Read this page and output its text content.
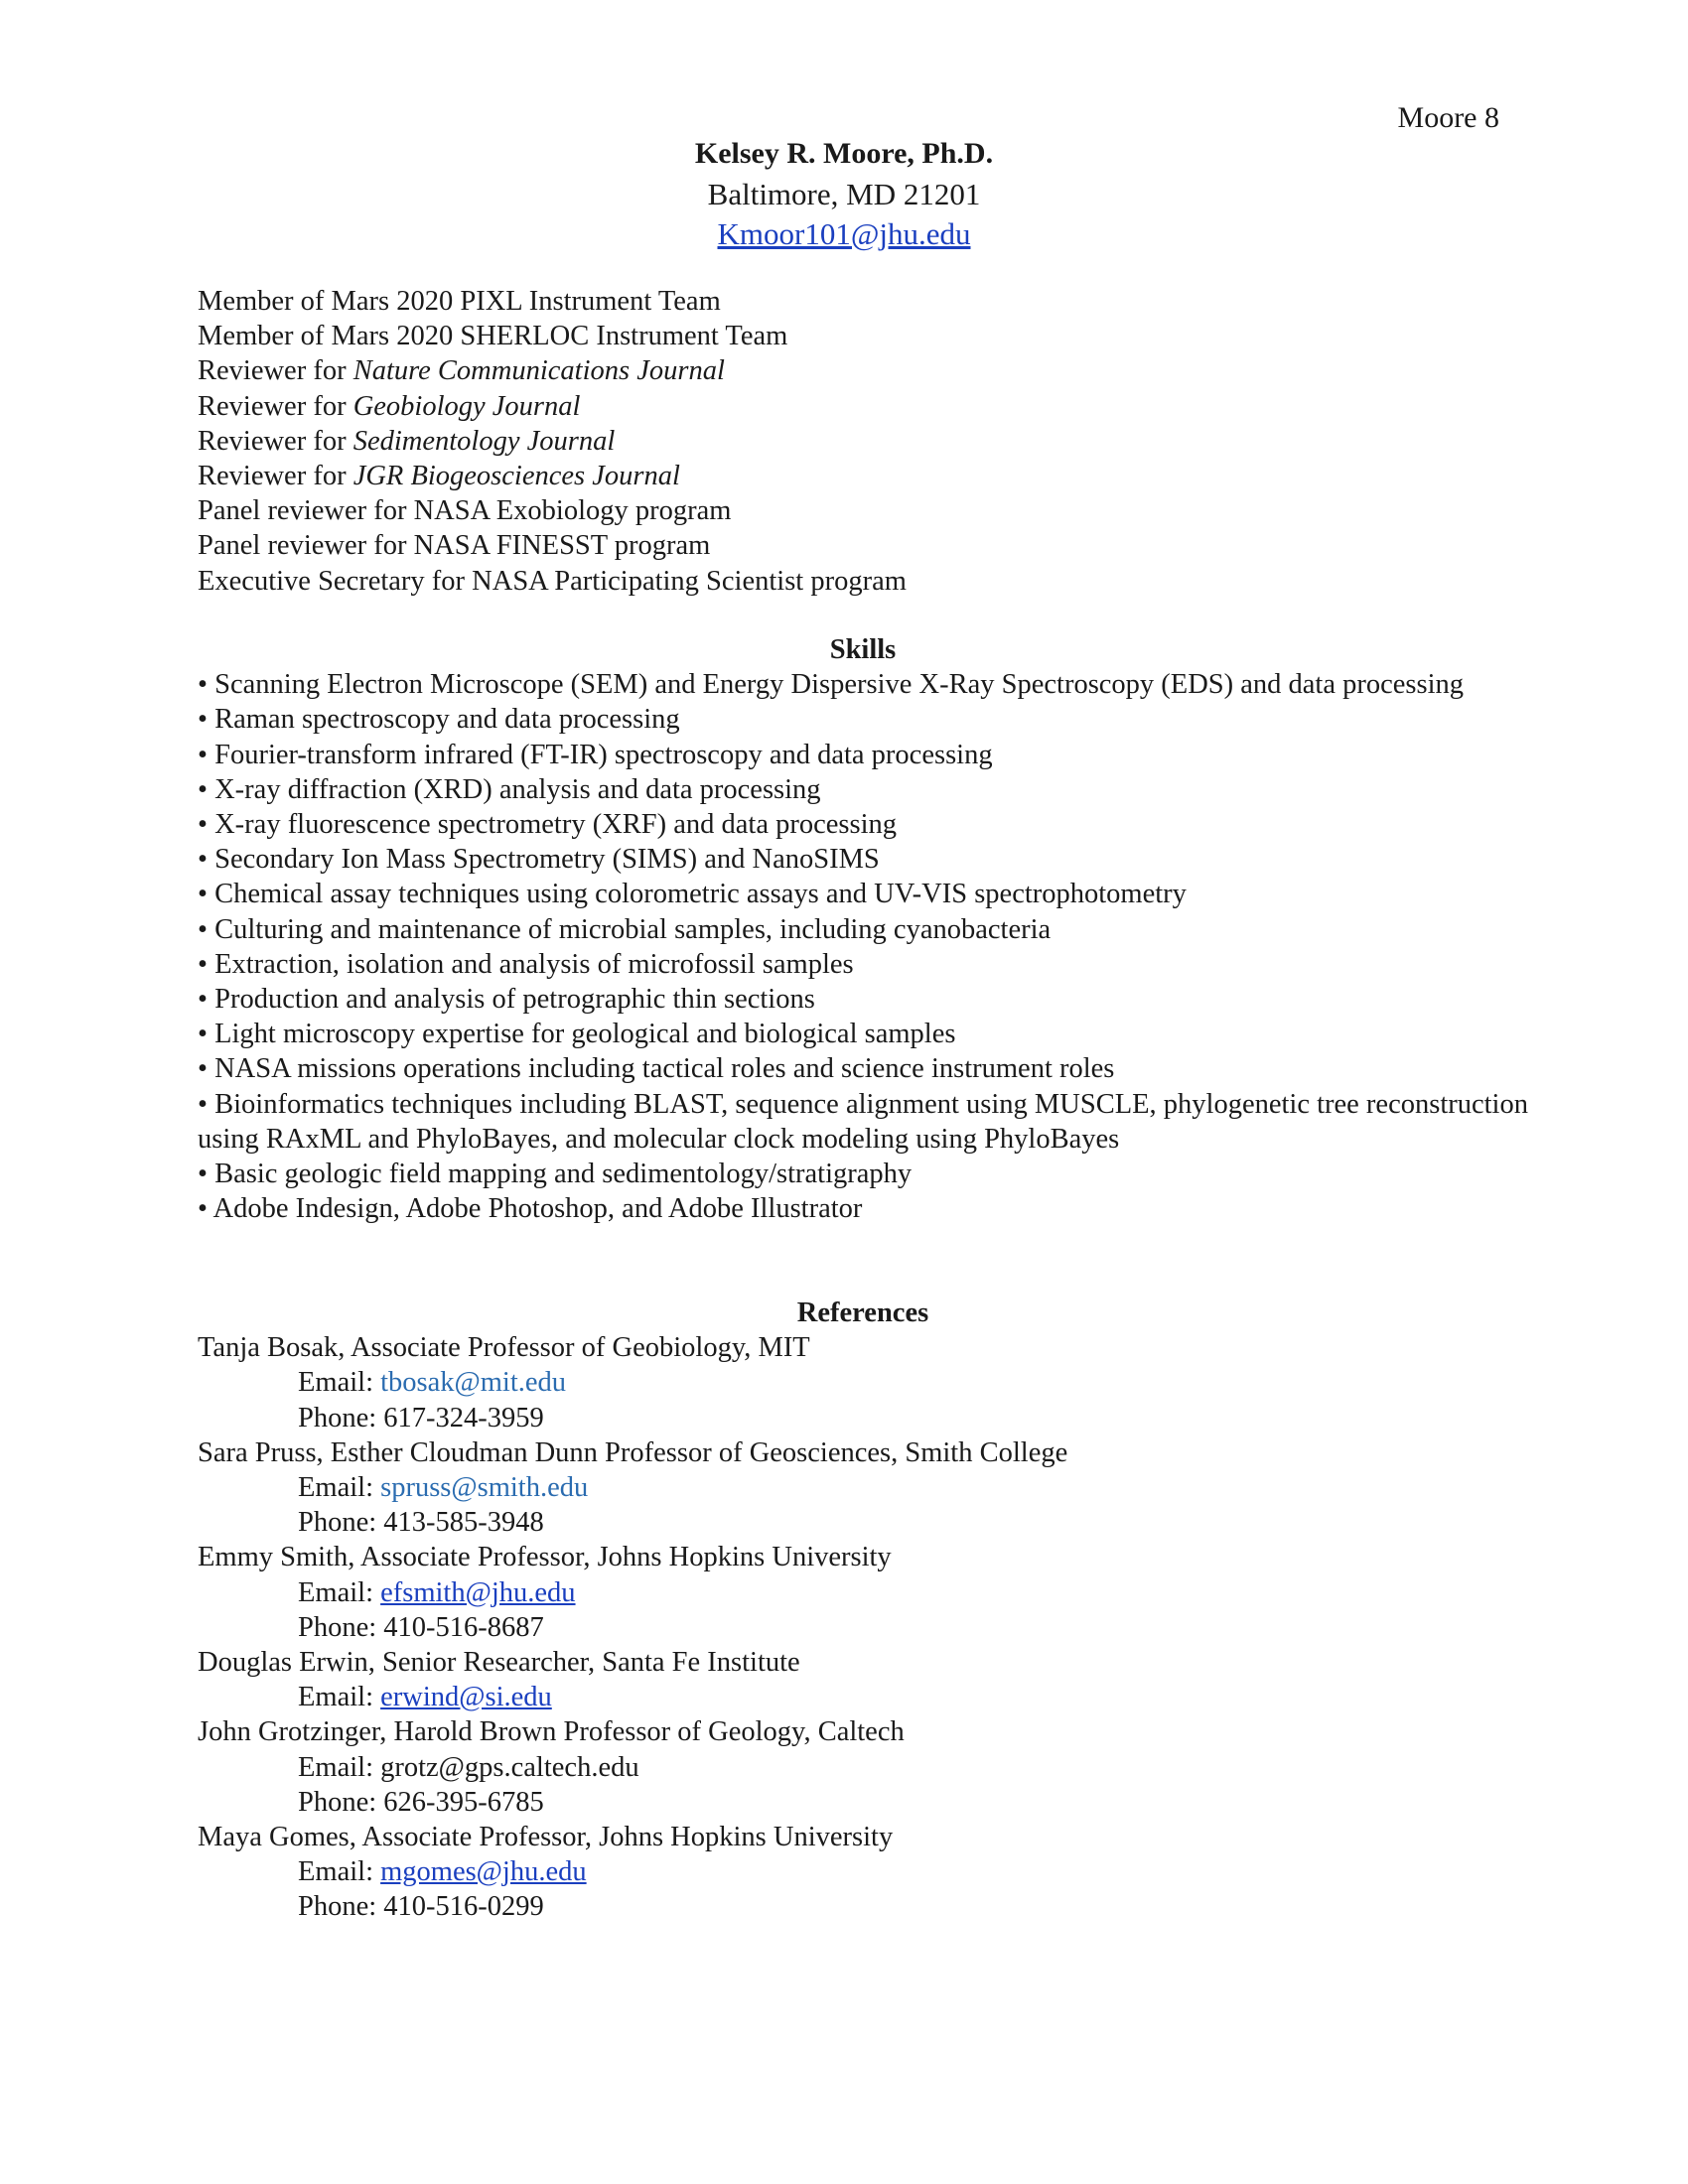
Moore 8
Kelsey R. Moore, Ph.D.
Baltimore, MD 21201
Kmoor101@jhu.edu
Member of Mars 2020 PIXL Instrument Team
Member of Mars 2020 SHERLOC Instrument Team
Reviewer for Nature Communications Journal
Reviewer for Geobiology Journal
Reviewer for Sedimentology Journal
Reviewer for JGR Biogeosciences Journal
Panel reviewer for NASA Exobiology program
Panel reviewer for NASA FINESST program
Executive Secretary for NASA Participating Scientist program
Skills
• Scanning Electron Microscope (SEM) and Energy Dispersive X-Ray Spectroscopy (EDS) and data processing
• Raman spectroscopy and data processing
• Fourier-transform infrared (FT-IR) spectroscopy and data processing
• X-ray diffraction (XRD) analysis and data processing
• X-ray fluorescence spectrometry (XRF) and data processing
• Secondary Ion Mass Spectrometry (SIMS) and NanoSIMS
• Chemical assay techniques using colorometric assays and UV-VIS spectrophotometry
• Culturing and maintenance of microbial samples, including cyanobacteria
• Extraction, isolation and analysis of microfossil samples
• Production and analysis of petrographic thin sections
• Light microscopy expertise for geological and biological samples
• NASA missions operations including tactical roles and science instrument roles
• Bioinformatics techniques including BLAST, sequence alignment using MUSCLE, phylogenetic tree reconstruction using RAxML and PhyloBayes, and molecular clock modeling using PhyloBayes
• Basic geologic field mapping and sedimentology/stratigraphy
• Adobe Indesign, Adobe Photoshop, and Adobe Illustrator
References
Tanja Bosak, Associate Professor of Geobiology, MIT
Email: tbosak@mit.edu
Phone: 617-324-3959
Sara Pruss, Esther Cloudman Dunn Professor of Geosciences, Smith College
Email: spruss@smith.edu
Phone: 413-585-3948
Emmy Smith, Associate Professor, Johns Hopkins University
Email: efsmith@jhu.edu
Phone: 410-516-8687
Douglas Erwin, Senior Researcher, Santa Fe Institute
Email: erwind@si.edu
John Grotzinger, Harold Brown Professor of Geology, Caltech
Email: grotz@gps.caltech.edu
Phone: 626-395-6785
Maya Gomes, Associate Professor, Johns Hopkins University
Email: mgomes@jhu.edu
Phone: 410-516-0299
